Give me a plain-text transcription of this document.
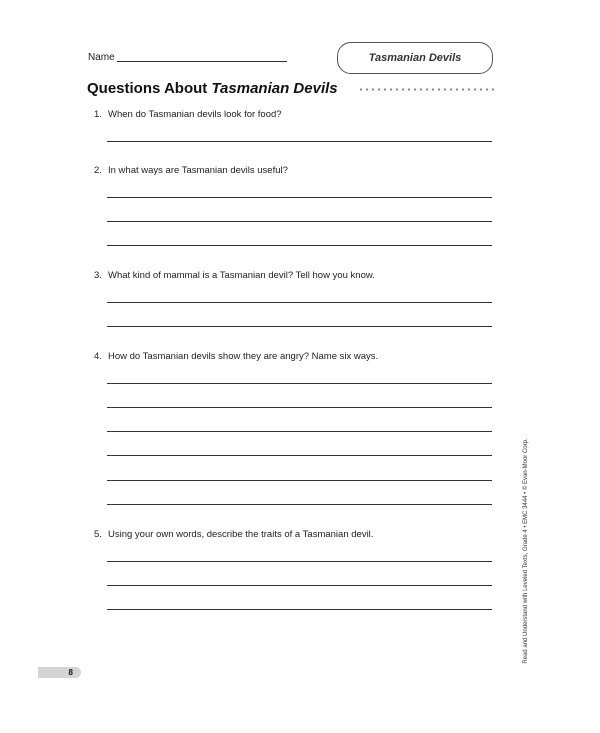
Name	Tasmanian Devils
Questions About Tasmanian Devils
1. When do Tasmanian devils look for food?
2. In what ways are Tasmanian devils useful?
3. What kind of mammal is a Tasmanian devil? Tell how you know.
4. How do Tasmanian devils show they are angry? Name six ways.
5. Using your own words, describe the traits of a Tasmanian devil.	Read and Understand with Leveled Texts, Grade 4 • EMC 3444 • © Evan-Moor Corp.
8
